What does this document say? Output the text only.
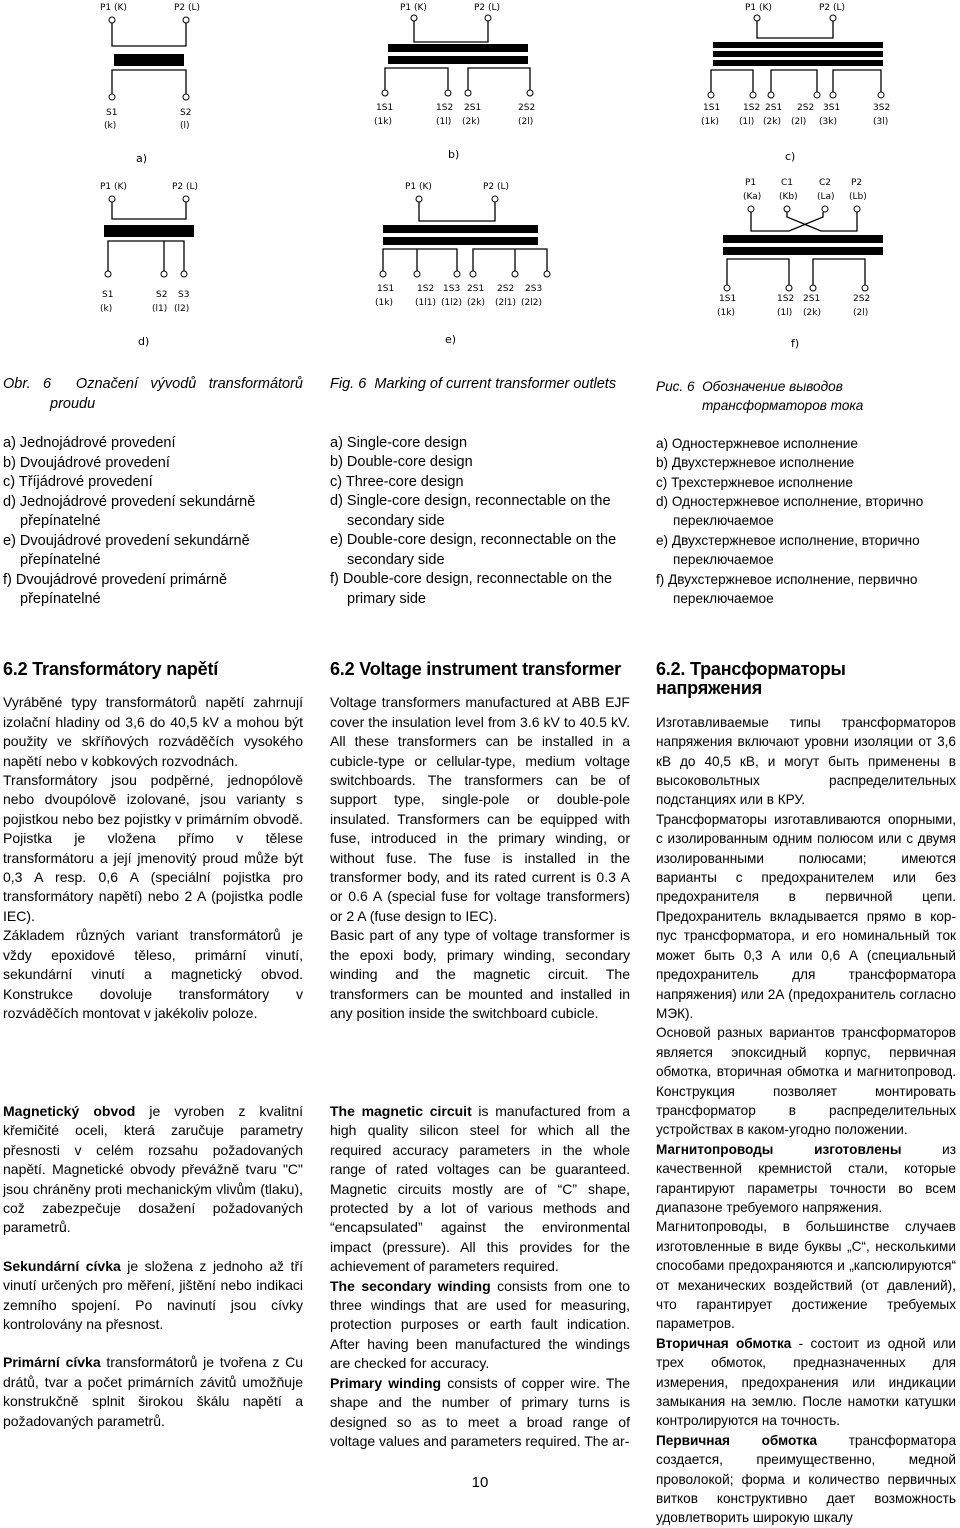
P1 (K)	P2 (L)
S1
(k)
S2
(l)
a)
P1 (K)	P2 (L)
1S1
(1k)
1S2
(1l)
2S1
(2k)
2S2
(2l)
b)
P1 (K)	P2 (L)
1S1
(1k)
1S2
(1l)
2S1
(2k)
2S2
(2l)
3S1
(3k)
3S2
(3l)
c)
P1 (K)	P2 (L)
S1
(k)
S2
(l1)
S3
(l2)
d)
P1 (K)	P2 (L)
1S1
(1k)
1S2
(1l1)
1S3
(1l2)
2S1
(2k)
2S2
(2l1)
2S3
(2l2)
e)
P1
(Ka)
C1
(Kb)
C2
(La)
P2
(Lb)
1S1
(1k)
1S2
(1l)
2S1
(2k)
2S2
(2l)
f)
Obr. 6 Označení vývodů transformátorů proudu
a) Jednojádrové provedení
b) Dvoujádrové provedení
c) Tříjádrové provedení
d) Jednojádrové provedení sekundárně přepínatelné
e) Dvoujádrové provedení sekundárně přepínatelné
f) Dvoujádrové provedení primárně přepínatelné
Fig. 6 Marking of current transformer outlets
a) Single-core design
b) Double-core design
c) Three-core design
d) Single-core design, reconnectable on the secondary side
e) Double-core design, reconnectable on the secondary side
f) Double-core design, reconnectable on the primary side
Рис. 6 Обозначение выводов трансформаторов тока
a) Одностержневое исполнение
b) Двухстержневое исполнение
c) Трехстержневое исполнение
d) Одностержневое исполнение, вторично переключаемое
e) Двухстержневое исполнение, вторично переключаемое
f) Двухстержневое исполнение, первично переключаемое
6.2 Transformátory napětí
Vyráběné typy transformátorů napětí zahrnují izolační hladiny od 3,6 do 40,5 kV a mohou být použity ve skříňových rozváděčích vysokého napětí nebo v kobkových rozvodnách.
Transformátory jsou podpěrné, jednopólově nebo dvoupólově izolované, jsou varianty s pojistkou nebo bez pojistky v primárním obvodě. Pojistka je vložena přímo v tělese transformátoru a její jmenovitý proud může být 0,3 A resp. 0,6 A (speciální pojistka pro transformátory napětí) nebo 2 A (pojistka podle IEC).
Základem různých variant transformátorů je vždy epoxidové těleso, primární vinutí, sekundární vinutí a magnetický obvod. Konstrukce dovoluje transformátory v rozváděčích montovat v jakékoliv poloze.
Magnetický obvod je vyroben z kvalitní křemičité oceli, která zaručuje parametry přesnosti v celém rozsahu požadovaných napětí. Magnetické obvody převážně tvaru "C" jsou chráněny proti mechanickým vlivům (tlaku), což zabezpečuje dosažení požadovaných parametrů.
Sekundární cívka je složena z jednoho až tří vinutí určených pro měření, jištění nebo indikaci zemního spojení. Po navinutí jsou cívky kontrolovány na přesnost.
Primární cívka transformátorů je tvořena z Cu drátů, tvar a počet primárních závitů umožňuje konstrukčně splnit širokou škálu napětí a požadovaných parametrů.
6.2 Voltage instrument transformer
Voltage transformers manufactured at ABB EJF cover the insulation level from 3.6 kV to 40.5 kV. All these transformers can be installed in a cubicle-type or cellular-type, medium voltage switchboards. The transformers can be of support type, single-pole or double-pole insulated. Transformers can be equipped with fuse, introduced in the primary winding, or without fuse. The fuse is installed in the transformer body, and its rated current is 0.3 A or 0.6 A (special fuse for voltage transformers) or 2 A (fuse design to IEC).
Basic part of any type of voltage transformer is the epoxi body, primary winding, secondary winding and the magnetic circuit. The transformers can be mounted and installed in any position inside the switchboard cubicle.
The magnetic circuit is manufactured from a high quality silicon steel for which all the required accuracy parameters in the whole range of rated voltages can be guaranteed. Magnetic circuits mostly are of “C” shape, protected by a lot of various methods and “encapsulated” against the environmental impact (pressure). All this provides for the achievement of parameters required.
The secondary winding consists from one to three windings that are used for measuring, protection purposes or earth fault indication. After having been manufactured the windings are checked for accuracy.
Primary winding consists of copper wire. The shape and the number of primary turns is designed so as to meet a broad range of voltage values and parameters required. The ar-
6.2. Трансформаторы напряжения
Изготавливаемые типы трансформаторов напряжения включают уровни изоляции от 3,6 кВ до 40,5 кВ, и могут быть применены в высоковольтных распределительных подстанциях или в КРУ.
Трансформаторы изготавливаются опорными, с изолированным одним полюсом или с двумя изолированными полюсами; имеются варианты с предохранителем или без предохранителя в первичной цепи. Предохранитель вкладывается прямо в кор-пус трансформатора, и его номинальный ток может быть 0,3 А или 0,6 А (специальный предохранитель для трансформатора напряжения) или 2А (предохранитель согласно МЭК).
Основой разных вариантов трансформаторов является эпоксидный корпус, первичная обмотка, вторичная обмотка и магнитопровод. Конструкция позволяет монтировать трансформатор в распределительных устройствах в каком-угодно положении.
Магнитопроводы изготовлены из качественной кремнистой стали, которые гарантируют параметры точности во всем диапазоне требуемого напряжения.
Магнитопроводы, в большинстве случаев изготовленные в виде буквы „С“, несколькими способами предохраняются и „капсюлируются“ от механических воздействий (от давлений), что гарантирует достижение требуемых параметров.
Вторичная обмотка - состоит из одной или трех обмоток, предназначенных для измерения, предохранения или индикации замыкания на землю. После намотки катушки контролируются на точность.
Первичная обмотка трансформатора создается, преимущественно, медной проволокой; форма и количество первичных витков конструктивно дает возможность удовлетворить широкую шкалу
10
